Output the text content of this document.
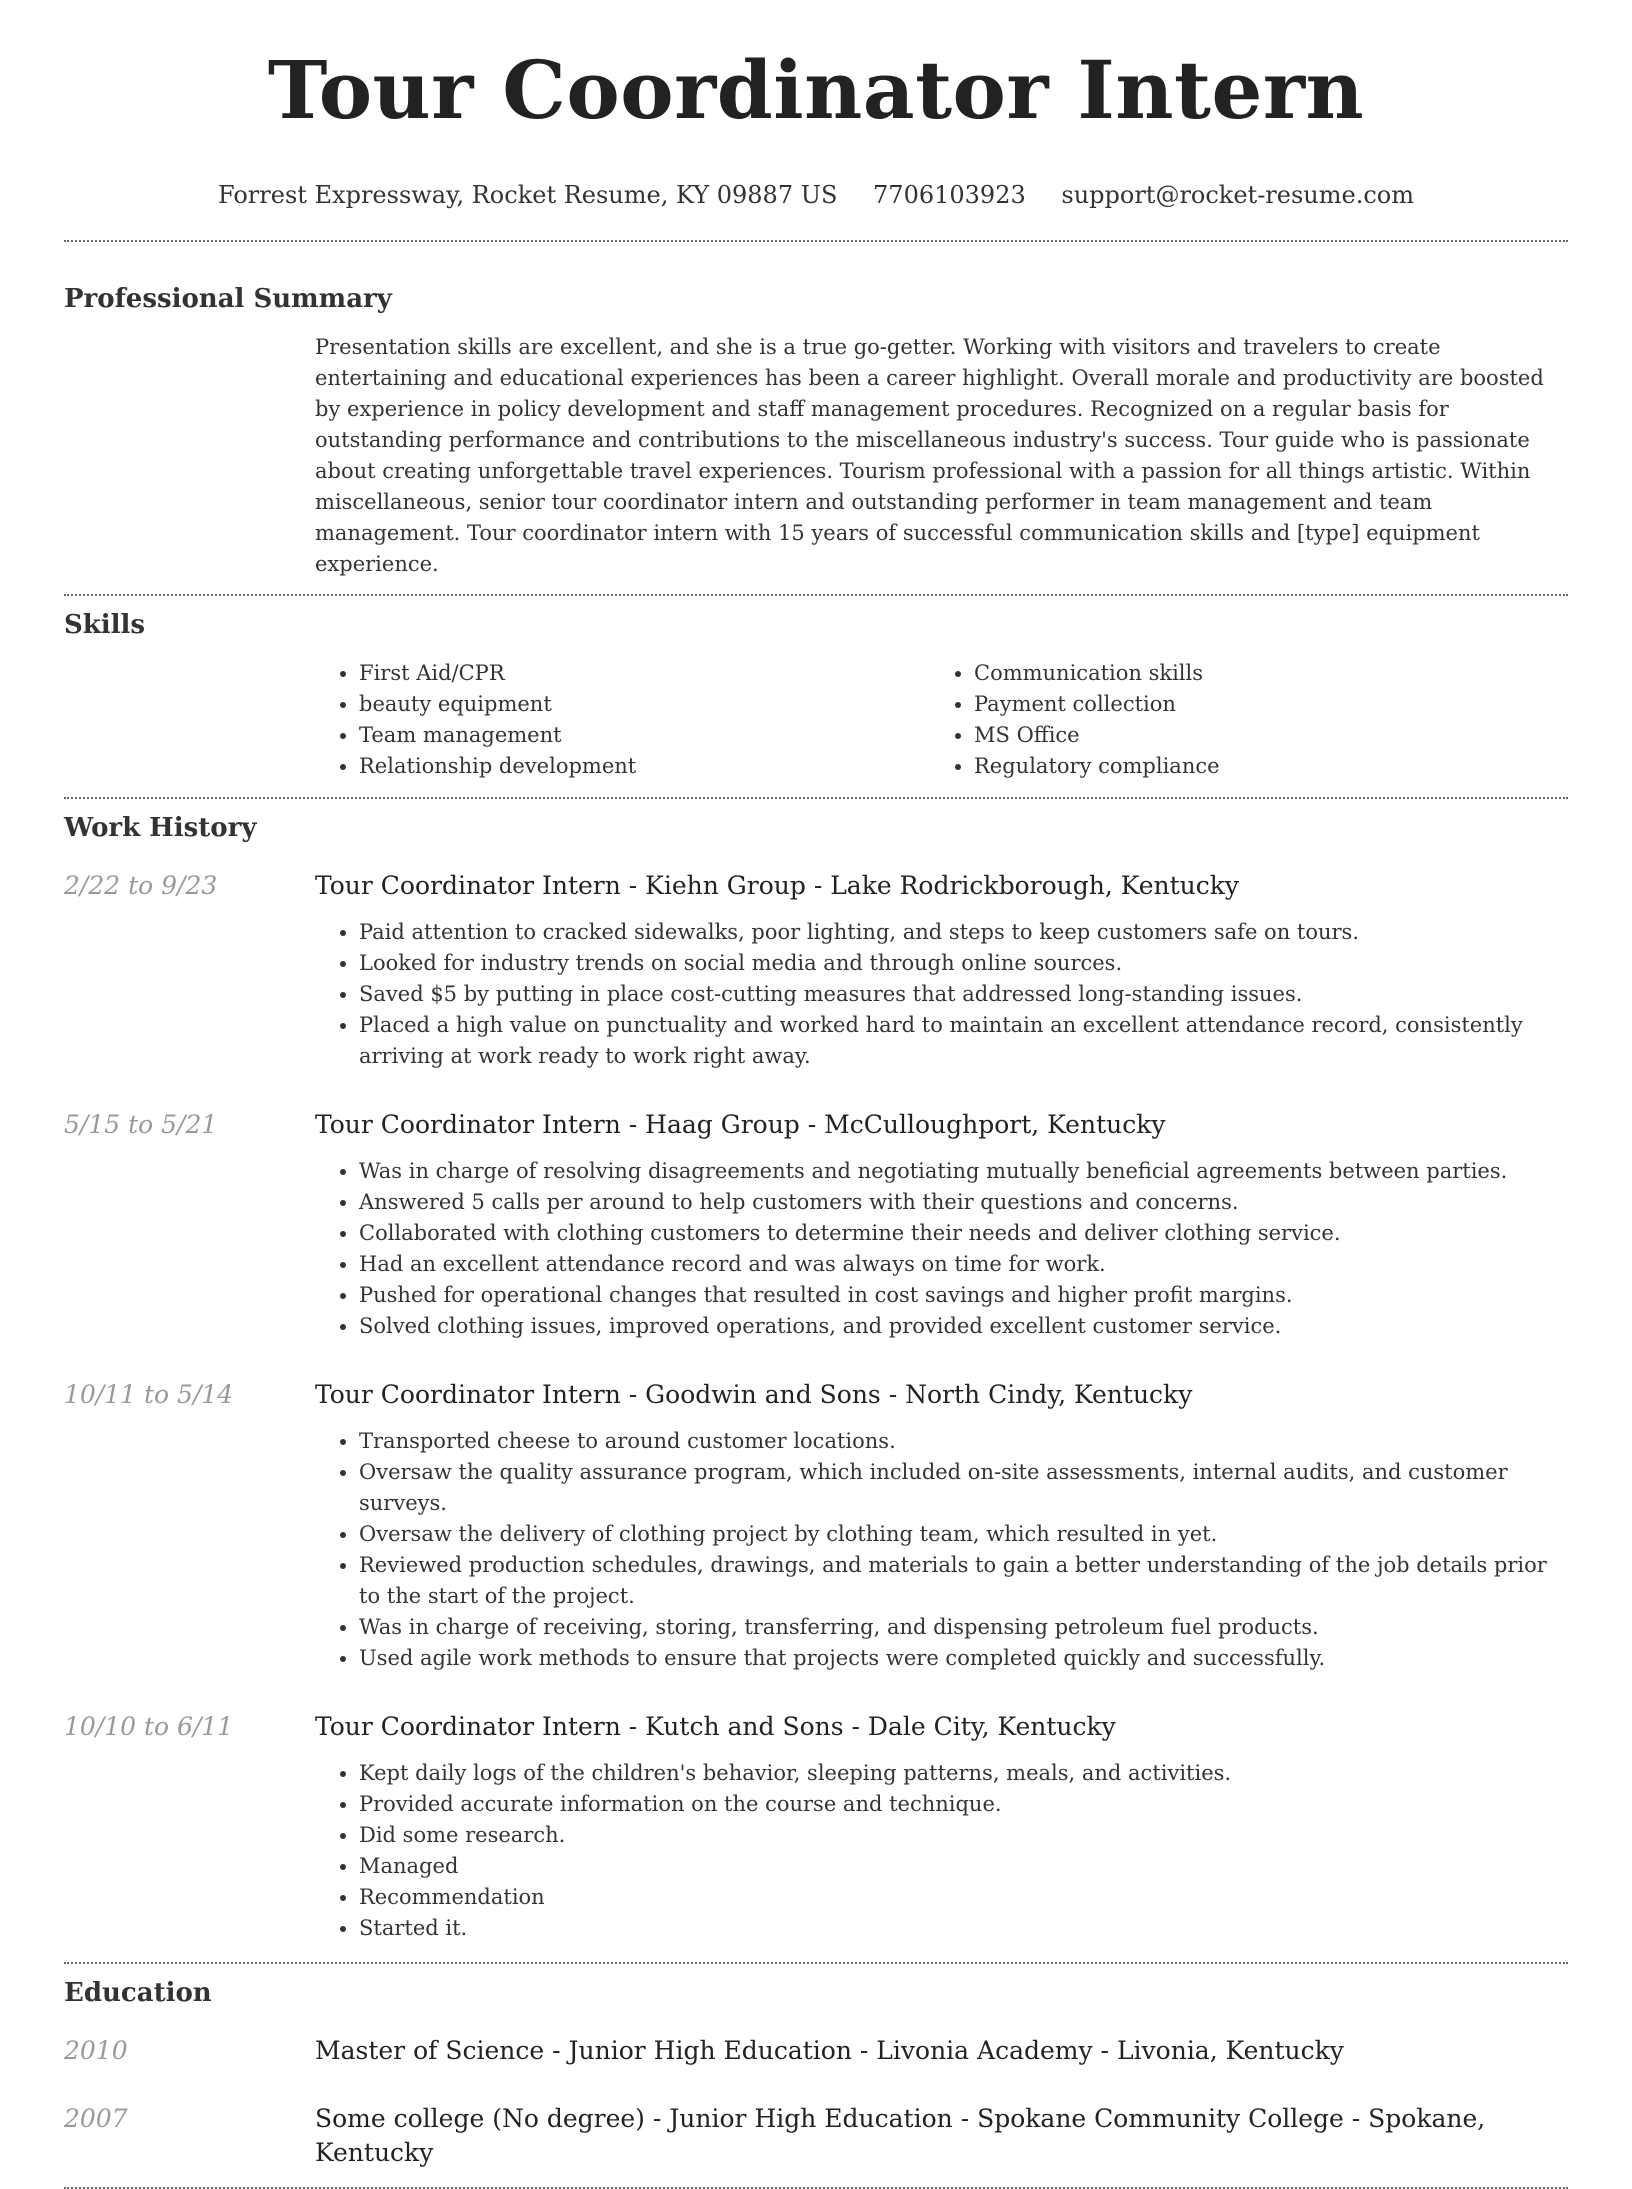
Tour Coordinator Intern
Forrest Expressway, Rocket Resume, KY 09887 US 7706103923 support@rocket-resume.com
Professional Summary

Presentation skills are excellent, and she is a true go-getter. Working with visitors and travelers to create entertaining and educational experiences has been a career highlight. Overall morale and productivity are boosted by experience in policy development and staff management procedures. Recognized on a regular basis for outstanding performance and contributions to the miscellaneous industry's success. Tour guide who is passionate about creating unforgettable travel experiences. Tourism professional with a passion for all things artistic. Within miscellaneous, senior tour coordinator intern and outstanding performer in team management and team management. Tour coordinator intern with 15 years of successful communication skills and [type] equipment experience.

Skills
• First Aid/CPR
• beauty equipment
• Team management
• Relationship development
• Communication skills
• Payment collection
• MS Office
• Regulatory compliance
Work History
2/22 to 9/23	Tour Coordinator Intern - Kiehn Group - Lake Rodrickborough, Kentucky
• Paid attention to cracked sidewalks, poor lighting, and steps to keep customers safe on tours.
• Looked for industry trends on social media and through online sources.
• Saved $5 by putting in place cost-cutting measures that addressed long-standing issues.
• Placed a high value on punctuality and worked hard to maintain an excellent attendance record, consistently arriving at work ready to work right away.
5/15 to 5/21	Tour Coordinator Intern - Haag Group - McCulloughport, Kentucky
• Was in charge of resolving disagreements and negotiating mutually beneficial agreements between parties.
• Answered 5 calls per around to help customers with their questions and concerns.
• Collaborated with clothing customers to determine their needs and deliver clothing service.
• Had an excellent attendance record and was always on time for work.
• Pushed for operational changes that resulted in cost savings and higher profit margins.
• Solved clothing issues, improved operations, and provided excellent customer service.
10/11 to 5/14	Tour Coordinator Intern - Goodwin and Sons - North Cindy, Kentucky
• Transported cheese to around customer locations.
• Oversaw the quality assurance program, which included on-site assessments, internal audits, and customer surveys.
• Oversaw the delivery of clothing project by clothing team, which resulted in yet.
• Reviewed production schedules, drawings, and materials to gain a better understanding of the job details prior to the start of the project.
• Was in charge of receiving, storing, transferring, and dispensing petroleum fuel products.
• Used agile work methods to ensure that projects were completed quickly and successfully.
10/10 to 6/11	Tour Coordinator Intern - Kutch and Sons - Dale City, Kentucky
• Kept daily logs of the children's behavior, sleeping patterns, meals, and activities.
• Provided accurate information on the course and technique.
• Did some research.
• Managed
• Recommendation
• Started it.
Education
2010	Master of Science - Junior High Education - Livonia Academy - Livonia, Kentucky
2007	Some college (No degree) - Junior High Education - Spokane Community College - Spokane, Kentucky
